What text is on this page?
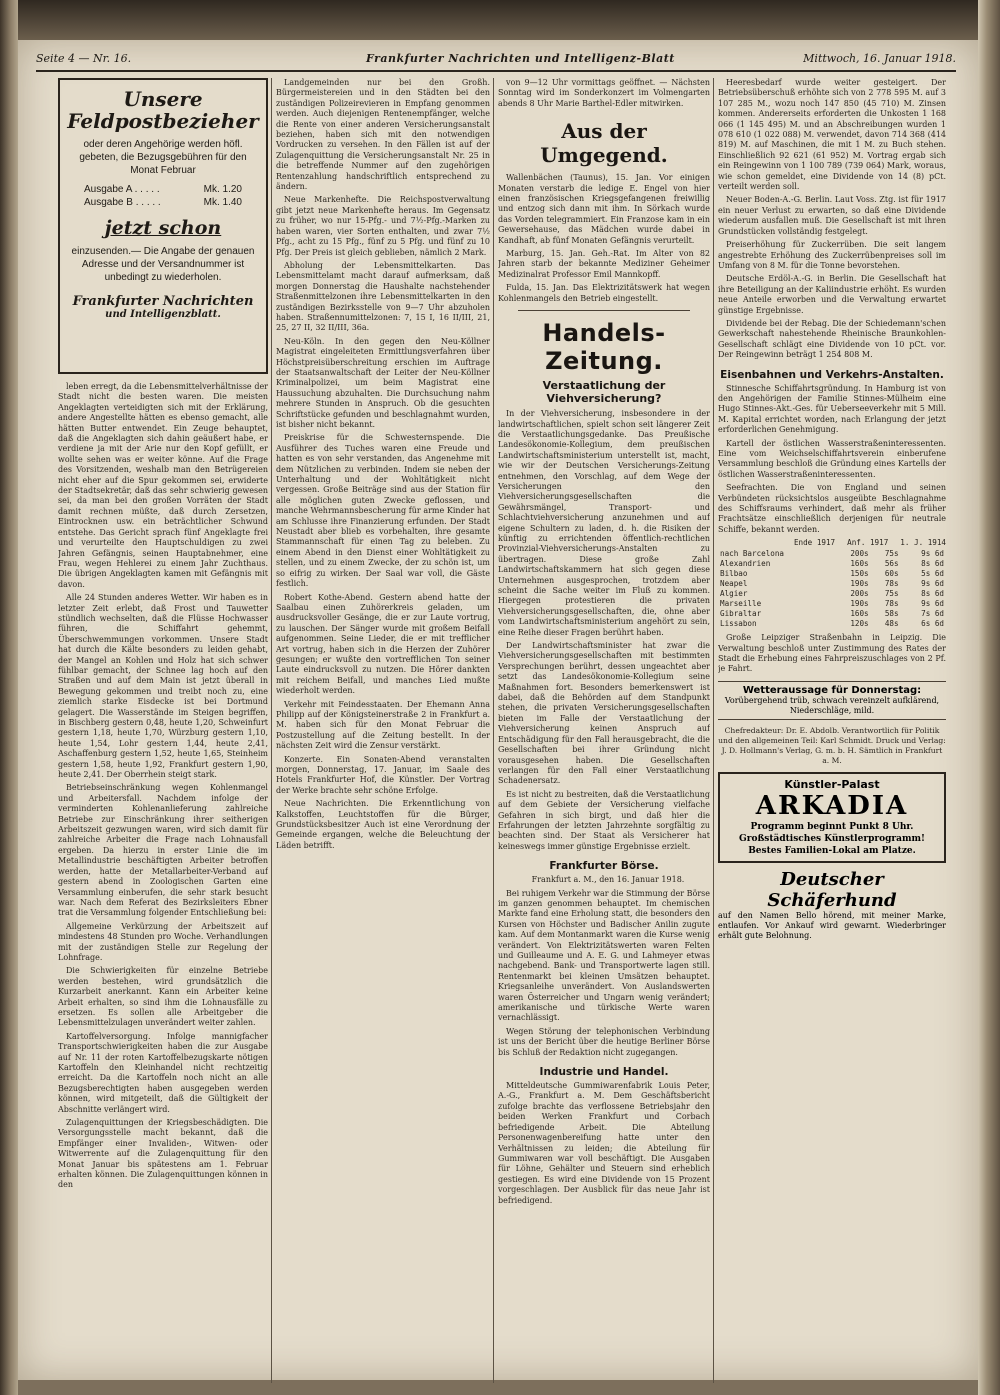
Seite 4 — Nr. 16.	Frankfurter Nachrichten und Intelligenz-Blatt	Mittwoch, 16. Januar 1918.
Unsere
Feldpostbezieher
oder deren Angehörige werden höfl. gebeten, die Bezugsgebühren für den Monat Februar
Ausgabe A . . . . .	Mk. 1.20
Ausgabe B . . . . .	Mk. 1.40
jetzt schon
einzusenden.— Die Angabe der genauen Adresse und der Versandnummer ist unbedingt zu wiederholen.
Frankfurter Nachrichten
und Intelligenzblatt.

leben erregt, da die Lebensmittelverhältnisse der Stadt nicht die besten waren. Die meisten Angeklagten verteidigten sich mit der Erklärung, andere Angestellte hätten es ebenso gemacht, alle hätten Butter entwendet. Ein Zeuge behauptet, daß die Angeklagten sich dahin geäußert habe, er verdiene ja mit der Arie nur den Kopf gefüllt, er wollte sehen was er weiter könne. Auf die Frage des Vorsitzenden, weshalb man den Betrügereien nicht eher auf die Spur gekommen sei, erwiderte der Stadtsekretär, daß das sehr schwierig gewesen sei, da man bei den großen Vorräten der Stadt damit rechnen müßte, daß durch Zersetzen, Eintrocknen usw. ein beträchtlicher Schwund entstehe. Das Gericht sprach fünf Angeklagte frei und verurteilte den Hauptschuldigen zu zwei Jahren Gefängnis, seinen Hauptabnehmer, eine Frau, wegen Hehlerei zu einem Jahr Zuchthaus. Die übrigen Angeklagten kamen mit Gefängnis mit davon.

Alle 24 Stunden anderes Wetter. Wir haben es in letzter Zeit erlebt, daß Frost und Tauwetter stündlich wechselten, daß die Flüsse Hochwasser führen, die Schiffahrt gehemmt, Überschwemmungen vorkommen. Unsere Stadt hat durch die Kälte besonders zu leiden gehabt, der Mangel an Kohlen und Holz hat sich schwer fühlbar gemacht, der Schnee lag hoch auf den Straßen und auf dem Main ist jetzt überall in Bewegung gekommen und treibt noch zu, eine ziemlich starke Eisdecke ist bei Dortmund gelagert. Die Wasserstände im Steigen begriffen, in Bischberg gestern 0,48, heute 1,20, Schweinfurt gestern 1,18, heute 1,70, Würzburg gestern 1,10, heute 1,54, Lohr gestern 1,44, heute 2,41, Aschaffenburg gestern 1,52, heute 1,65, Steinheim gestern 1,58, heute 1,92, Frankfurt gestern 1,90, heute 2,41. Der Oberrhein steigt stark.

Betriebseinschränkung wegen Kohlenmangel und Arbeitersfall. Nachdem infolge der verminderten Kohlenanlieferung zahlreiche Betriebe zur Einschränkung ihrer seitherigen Arbeitszeit gezwungen waren, wird sich damit für zahlreiche Arbeiter die Frage nach Lohnausfall ergeben. Da hierzu in erster Linie die im Metallindustrie beschäftigten Arbeiter betroffen werden, hatte der Metallarbeiter-Verband auf gestern abend in Zoologischen Garten eine Versammlung einberufen, die sehr stark besucht war. Nach dem Referat des Bezirksleiters Ebner trat die Versammlung folgender Entschließung bei:

Allgemeine Verkürzung der Arbeitszeit auf mindestens 48 Stunden pro Woche. Verhandlungen mit der zuständigen Stelle zur Regelung der Lohnfrage.

Die Schwierigkeiten für einzelne Betriebe werden bestehen, wird grundsätzlich die Kurzarbeit anerkannt. Kann ein Arbeiter keine Arbeit erhalten, so sind ihm die Lohnausfälle zu ersetzen. Es sollen alle Arbeitgeber die Lebensmittelzulagen unverändert weiter zahlen.

Kartoffelversorgung. Infolge mannigfacher Transportschwierigkeiten haben die zur Ausgabe auf Nr. 11 der roten Kartoffelbezugskarte nötigen Kartoffeln den Kleinhandel nicht rechtzeitig erreicht. Da die Kartoffeln noch nicht an alle Bezugsberechtigten haben ausgegeben werden können, wird mitgeteilt, daß die Gültigkeit der Abschnitte verlängert wird.

Zulagenquittungen der Kriegsbeschädigten. Die Versorgungsstelle macht bekannt, daß die Empfänger einer Invaliden-, Witwen- oder Witwerrente auf die Zulagenquittung für den Monat Januar bis spätestens am 1. Februar erhalten können. Die Zulagenquittungen können in den

Landgemeinden nur bei den Großh. Bürgermeistereien und in den Städten bei den zuständigen Polizeirevieren in Empfang genommen werden. Auch diejenigen Rentenempfänger, welche die Rente von einer anderen Versicherungsanstalt beziehen, haben sich mit den notwendigen Vordrucken zu versehen. In den Fällen ist auf der Zulagenquittung die Versicherungsanstalt Nr. 25 in die betreffende Nummer auf den zugehörigen Rentenzahlung handschriftlich entsprechend zu ändern.

Neue Markenhefte. Die Reichspostverwaltung gibt jetzt neue Markenhefte heraus. Im Gegensatz zu früher, wo nur 15-Pfg.- und 7½-Pfg.-Marken zu haben waren, vier Sorten enthalten, und zwar 7½ Pfg., acht zu 15 Pfg., fünf zu 5 Pfg. und fünf zu 10 Pfg. Der Preis ist gleich geblieben, nämlich 2 Mark.

Abholung der Lebensmittelkarten. Das Lebensmittelamt macht darauf aufmerksam, daß morgen Donnerstag die Haushalte nachstehender Straßenmittelzonen ihre Lebensmittelkarten in den zuständigen Bezirksstelle von 9—7 Uhr abzuholen haben. Straßennumittelzonen: 7, 15 I, 16 II/III, 21, 25, 27 II, 32 II/III, 36a.

Neu-Köln. In den gegen den Neu-Köllner Magistrat eingeleiteten Ermittlungsverfahren über Höchstpreisüberschreitung erschien im Auftrage der Staatsanwaltschaft der Leiter der Neu-Köllner Kriminalpolizei, um beim Magistrat eine Haussuchung abzuhalten. Die Durchsuchung nahm mehrere Stunden in Anspruch. Ob die gesuchten Schriftstücke gefunden und beschlagnahmt wurden, ist bisher nicht bekannt.

Preiskrise für die Schwesternspende. Die Ausführer des Tuches waren eine Freude und hatten es von sehr verstanden, das Angenehme mit dem Nützlichen zu verbinden. Indem sie neben der Unterhaltung und der Wohltätigkeit nicht vergessen. Große Beiträge sind aus der Station für alle möglichen guten Zwecke geflossen, und manche Wehrmannsbescherung für arme Kinder hat am Schlusse ihre Finanzierung erfunden. Der Stadt Neustadt aber blieb es vorbehalten, ihre gesamte Stammannschaft für einen Tag zu beleben. Zu einem Abend in den Dienst einer Wohltätigkeit zu stellen, und zu einem Zwecke, der zu schön ist, um so eifrig zu wirken. Der Saal war voll, die Gäste festlich.

Robert Kothe-Abend. Gestern abend hatte der Saalbau einen Zuhörerkreis geladen, um ausdrucksvoller Gesänge, die er zur Laute vortrug, zu lauschen. Der Sänger wurde mit großem Beifall aufgenommen. Seine Lieder, die er mit trefflicher Art vortrug, haben sich in die Herzen der Zuhörer gesungen; er wußte den vortrefflichen Ton seiner Laute eindrucksvoll zu nutzen. Die Hörer dankten mit reichem Beifall, und manches Lied mußte wiederholt werden.

Verkehr mit Feindesstaaten. Der Ehemann Anna Philipp auf der Königsteinerstraße 2 in Frankfurt a. M. haben sich für den Monat Februar die Postzustellung auf die Zeitung bestellt. In der nächsten Zeit wird die Zensur verstärkt.

Konzerte. Ein Sonaten-Abend veranstalten morgen, Donnerstag, 17. Januar, im Saale des Hotels Frankfurter Hof, die Künstler. Der Vortrag der Werke brachte sehr schöne Erfolge.

Neue Nachrichten. Die Erkenntlichung von Kalkstoffen, Leuchtstoffen für die Bürger, Grundstücksbesitzer Auch ist eine Verordnung der Gemeinde ergangen, welche die Beleuchtung der Läden betrifft.

von 9—12 Uhr vormittags geöffnet. — Nächsten Sonntag wird im Sonderkonzert im Volmengarten abends 8 Uhr Marie Barthel-Edler mitwirken.

Aus der Umgegend.

Wallenbächen (Taunus), 15. Jan. Vor einigen Monaten verstarb die ledige E. Engel von hier einen französischen Kriegsgefangenen freiwillig und entzog sich dann mit ihm. In Sörkach wurde das Vorden telegrammiert. Ein Franzose kam in ein Gewersehause, das Mädchen wurde dabei in Kandhaft, ab fünf Monaten Gefängnis verurteilt.

Marburg, 15. Jan. Geh.-Rat. Im Alter von 82 Jahren starb der bekannte Mediziner Geheimer Medizinalrat Professor Emil Mannkopff.

Fulda, 15. Jan. Das Elektrizitätswerk hat wegen Kohlenmangels den Betrieb eingestellt.

Handels-Zeitung.
Verstaatlichung der Viehversicherung?

In der Viehversicherung, insbesondere in der landwirtschaftlichen, spielt schon seit längerer Zeit die Verstaatlichungsgedanke. Das Preußische Landesökonomie-Kollegium, dem preußischen Landwirtschaftsministerium unterstellt ist, macht, wie wir der Deutschen Versicherungs-Zeitung entnehmen, den Vorschlag, auf dem Wege der Versicherungen den Viehversicherungsgesellschaften die Gewährsmängel, Transport- und Schlachtviehversicherung anzunehmen und auf eigene Schultern zu laden, d. h. die Risiken der künftig zu errichtenden öffentlich-rechtlichen Provinzial-Viehversicherungs-Anstalten zu übertragen. Diese große Zahl Landwirtschaftskammern hat sich gegen diese Unternehmen ausgesprochen, trotzdem aber scheint die Sache weiter im Fluß zu kommen. Hiergegen protestieren die privaten Viehversicherungsgesellschaften, die, ohne aber vom Landwirtschaftsministerium angehört zu sein, eine Reihe dieser Fragen berührt haben.

Der Landwirtschaftsminister hat zwar die Viehversicherungsgesellschaften mit bestimmten Versprechungen berührt, dessen ungeachtet aber setzt das Landesökonomie-Kollegium seine Maßnahmen fort. Besonders bemerkenswert ist dabei, daß die Behörden auf dem Standpunkt stehen, die privaten Versicherungsgesellschaften bieten im Falle der Verstaatlichung der Viehversicherung keinen Anspruch auf Entschädigung für den Fall herausgebracht, die die Gesellschaften bei ihrer Gründung nicht vorausgesehen haben. Die Gesellschaften verlangen für den Fall einer Verstaatlichung Schadenersatz.

Es ist nicht zu bestreiten, daß die Verstaatlichung auf dem Gebiete der Versicherung vielfache Gefahren in sich birgt, und daß hier die Erfahrungen der letzten Jahrzehnte sorgfältig zu beachten sind. Der Staat als Versicherer hat keineswegs immer günstige Ergebnisse erzielt.

Frankfurter Börse.

Frankfurt a. M., den 16. Januar 1918.

Bei ruhigem Verkehr war die Stimmung der Börse im ganzen genommen behauptet. Im chemischen Markte fand eine Erholung statt, die besonders den Kursen von Höchster und Badischer Anilin zugute kam. Auf dem Montanmarkt waren die Kurse wenig verändert. Von Elektrizitätswerten waren Felten und Guilleaume und A. E. G. und Lahmeyer etwas nachgebend. Bank- und Transportwerte lagen still. Rentenmarkt bei kleinen Umsätzen behauptet. Kriegsanleihe unverändert. Von Auslandswerten waren Österreicher und Ungarn wenig verändert; amerikanische und türkische Werte waren vernachlässigt.

Wegen Störung der telephonischen Verbindung ist uns der Bericht über die heutige Berliner Börse bis Schluß der Redaktion nicht zugegangen.

Industrie und Handel.

Mitteldeutsche Gummiwarenfabrik Louis Peter, A.-G., Frankfurt a. M. Dem Geschäftsbericht zufolge brachte das verflossene Betriebsjahr den beiden Werken Frankfurt und Corbach befriedigende Arbeit. Die Abteilung Personenwagenbereifung hatte unter den Verhältnissen zu leiden; die Abteilung für Gummiwaren war voll beschäftigt. Die Ausgaben für Löhne, Gehälter und Steuern sind erheblich gestiegen. Es wird eine Dividende von 15 Prozent vorgeschlagen. Der Ausblick für das neue Jahr ist befriedigend.

Heeresbedarf wurde weiter gesteigert. Der Betriebsüberschuß erhöhte sich von 2 778 595 M. auf 3 107 285 M., wozu noch 147 850 (45 710) M. Zinsen kommen. Andererseits erforderten die Unkosten 1 168 066 (1 145 495) M. und an Abschreibungen wurden 1 078 610 (1 022 088) M. verwendet, davon 714 368 (414 819) M. auf Maschinen, die mit 1 M. zu Buch stehen. Einschließlich 92 621 (61 952) M. Vortrag ergab sich ein Reingewinn von 1 100 789 (739 064) Mark, woraus, wie schon gemeldet, eine Dividende von 14 (8) pCt. verteilt werden soll.

Neuer Boden-A.-G. Berlin. Laut Voss. Ztg. ist für 1917 ein neuer Verlust zu erwarten, so daß eine Dividende wiederum ausfallen muß. Die Gesellschaft ist mit ihren Grundstücken vollständig festgelegt.

Preiserhöhung für Zuckerrüben. Die seit langem angestrebte Erhöhung des Zuckerrübenpreises soll im Umfang von 8 M. für die Tonne bevorstehen.

Deutsche Erdöl-A.-G. in Berlin. Die Gesellschaft hat ihre Beteiligung an der Kaliindustrie erhöht. Es wurden neue Anteile erworben und die Verwaltung erwartet günstige Ergebnisse.

Dividende bei der Rebag. Die der Schiedemann'schen Gewerkschaft nahestehende Rheinische Braunkohlen-Gesellschaft schlägt eine Dividende von 10 pCt. vor. Der Reingewinn beträgt 1 254 808 M.

Eisenbahnen und Verkehrs-Anstalten.

Stinnesche Schiffahrtsgründung. In Hamburg ist von den Angehörigen der Familie Stinnes-Mülheim eine Hugo Stinnes-Akt.-Ges. für Ueberseeverkehr mit 5 Mill. M. Kapital errichtet worden, nach Erlangung der jetzt erforderlichen Genehmigung.

Kartell der östlichen Wasserstraßeninteressenten. Eine vom Weichselschiffahrtsverein einberufene Versammlung beschloß die Gründung eines Kartells der östlichen Wasserstraßeninteressenten.

Seefrachten. Die von England und seinen Verbündeten rücksichtslos ausgeübte Beschlagnahme des Schiffsraums verhindert, daß mehr als früher Frachtsätze einschließlich derjenigen für neutrale Schiffe, bekannt werden.

Ende 1917 Anf. 1917 1. J. 1914
nach Barcelona	200s	75s	9s 6d
Alexandrien	160s	56s	8s 6d
Bilbao	150s	60s	5s 6d
Neapel	190s	78s	9s 6d
Algier	200s	75s	8s 6d
Marseille	190s	78s	9s 6d
Gibraltar	160s	58s	7s 6d
Lissabon	120s	48s	6s 6d

Große Leipziger Straßenbahn in Leipzig. Die Verwaltung beschloß unter Zustimmung des Rates der Stadt die Erhebung eines Fahrpreiszuschlages von 2 Pf. je Fahrt.

Wetteraussage für Donnerstag:
Vorübergehend trüb, schwach vereinzelt aufklärend, Niederschläge, mild.
Chefredakteur: Dr. E. Abdolb. Verantwortlich für Politik und den allgemeinen Teil: Karl Schmidt. Druck und Verlag: J. D. Hollmann's Verlag, G. m. b. H. Sämtlich in Frankfurt a. M.
Künstler-Palast
ARKADIA
Programm beginnt Punkt 8 Uhr.
Großstädtisches Künstlerprogramm!
Bestes Familien-Lokal am Platze.
Deutscher Schäferhund
auf den Namen Bello hörend, mit meiner Marke, entlaufen. Vor Ankauf wird gewarnt. Wiederbringer erhält gute Belohnung.
